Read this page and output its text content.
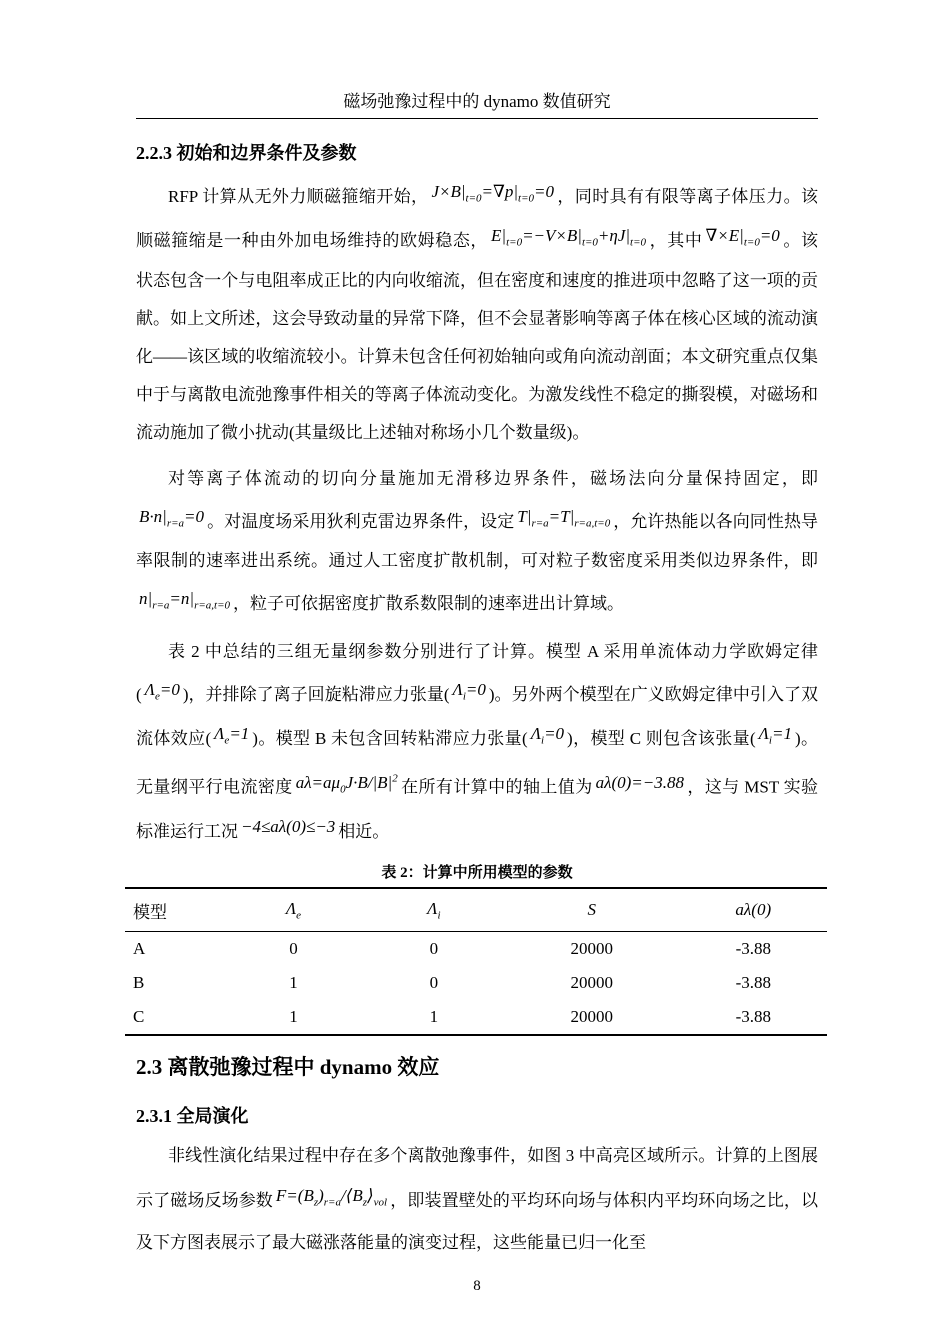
磁场弛豫过程中的 dynamo 数值研究
2.2.3 初始和边界条件及参数

RFP 计算从无外力顺磁箍缩开始， $J\times B|_{t=0}=\nabla p|_{t=0}=0$ ，同时具有有限等离子体压力。该顺磁箍缩是一种由外加电场维持的欧姆稳态， $E|_{t=0}=-V\times B|_{t=0}+\eta J|_{t=0}$ ，其中 $\nabla\times E|_{t=0}=0$ 。该状态包含一个与电阻率成正比的内向收缩流，但在密度和速度的推进项中忽略了这一项的贡献。如上文所述，这会导致动量的异常下降，但不会显著影响等离子体在核心区域的流动演化——该区域的收缩流较小。计算未包含任何初始轴向或角向流动剖面；本文研究重点仅集中于与离散电流弛豫事件相关的等离子体流动变化。为激发线性不稳定的撕裂模，对磁场和流动施加了微小扰动(其量级比上述轴对称场小几个数量级)。

对等离子体流动的切向分量施加无滑移边界条件，磁场法向分量保持固定，即$B\cdot n|_{r=a}=0$ 。对温度场采用狄利克雷边界条件，设定 $T|_{r=a}=T|_{r=a,t=0}$ ，允许热能以各向同性热导率限制的速率进出系统。通过人工密度扩散机制，可对粒子数密度采用类似边界条件，即$n|_{r=a}=n|_{r=a,t=0}$ ，粒子可依据密度扩散系数限制的速率进出计算域。

表 2 中总结的三组无量纲参数分别进行了计算。模型 A 采用单流体动力学欧姆定律( $\Lambda_e=0$ )，并排除了离子回旋粘滞应力张量( $\Lambda_i=0$ )。另外两个模型在广义欧姆定律中引入了双流体效应( $\Lambda_e=1$ )。模型 B 未包含回转粘滞应力张量( $\Lambda_i=0$ )，模型 C 则包含该张量( $\Lambda_i=1$ )。无量纲平行电流密度 $a\lambda=a\mu_0J\cdot B/|B|^2$ 在所有计算中的轴上值为 aλ(0)=−3.88 ，这与 MST 实验标准运行工况 −4≤aλ(0)≤−3 相近。

表 2：计算中所用模型的参数
模型	$\Lambda_e$	$\Lambda_i$	S	aλ(0)
A	0	0	20000	-3.88
B	1	0	20000	-3.88
C	1	1	20000	-3.88
2.3 离散弛豫过程中 dynamo 效应
2.3.1 全局演化

非线性演化结果过程中存在多个离散弛豫事件，如图 3 中高亮区域所示。计算的上图展示了磁场反场参数 $F=(B_z)_{r=a}/⟨B_z⟩_{vol}$ ，即装置壁处的平均环向场与体积内平均环向场之比，以及下方图表展示了最大磁涨落能量的演变过程，这些能量已归一化至

8
